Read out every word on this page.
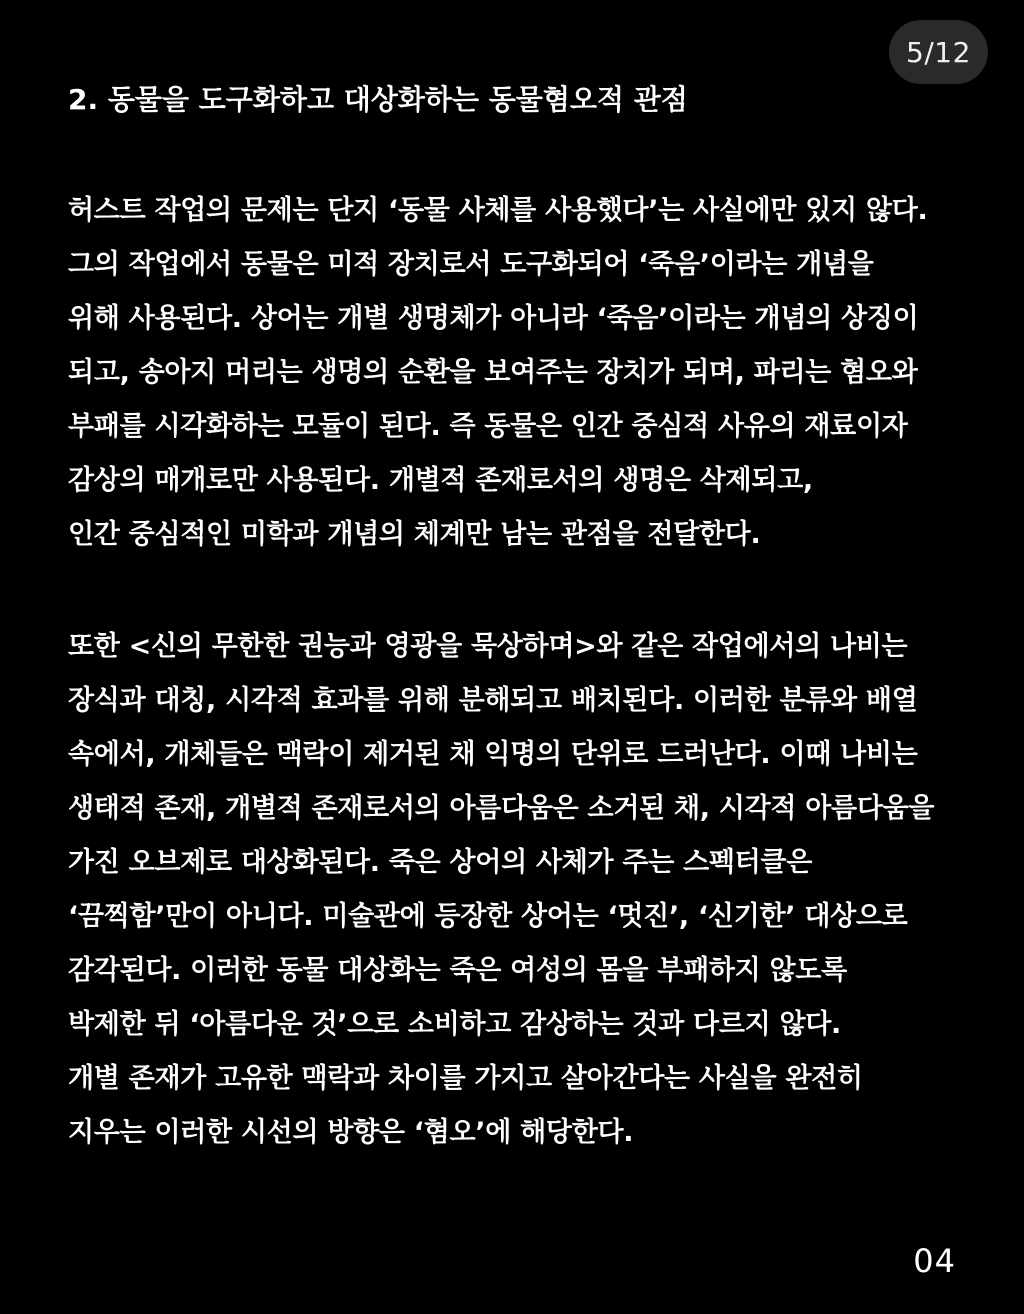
5/12
2. 동물을 도구화하고 대상화하는 동물혐오적 관점

허스트 작업의 문제는 단지 ‘동물 사체를 사용했다’는 사실에만 있지 않다.
그의 작업에서 동물은 미적 장치로서 도구화되어 ‘죽음’이라는 개념을
위해 사용된다. 상어는 개별 생명체가 아니라 ‘죽음’이라는 개념의 상징이
되고, 송아지 머리는 생명의 순환을 보여주는 장치가 되며, 파리는 혐오와
부패를 시각화하는 모듈이 된다. 즉 동물은 인간 중심적 사유의 재료이자
감상의 매개로만 사용된다. 개별적 존재로서의 생명은 삭제되고,
인간 중심적인 미학과 개념의 체계만 남는 관점을 전달한다.

또한 <신의 무한한 권능과 영광을 묵상하며>와 같은 작업에서의 나비는
장식과 대칭, 시각적 효과를 위해 분해되고 배치된다. 이러한 분류와 배열
속에서, 개체들은 맥락이 제거된 채 익명의 단위로 드러난다. 이때 나비는
생태적 존재, 개별적 존재로서의 아름다움은 소거된 채, 시각적 아름다움을
가진 오브제로 대상화된다. 죽은 상어의 사체가 주는 스펙터클은
‘끔찍함’만이 아니다. 미술관에 등장한 상어는 ‘멋진’, ‘신기한’ 대상으로
감각된다. 이러한 동물 대상화는 죽은 여성의 몸을 부패하지 않도록
박제한 뒤 ‘아름다운 것’으로 소비하고 감상하는 것과 다르지 않다.
개별 존재가 고유한 맥락과 차이를 가지고 살아간다는 사실을 완전히
지우는 이러한 시선의 방향은 ‘혐오’에 해당한다.

04
